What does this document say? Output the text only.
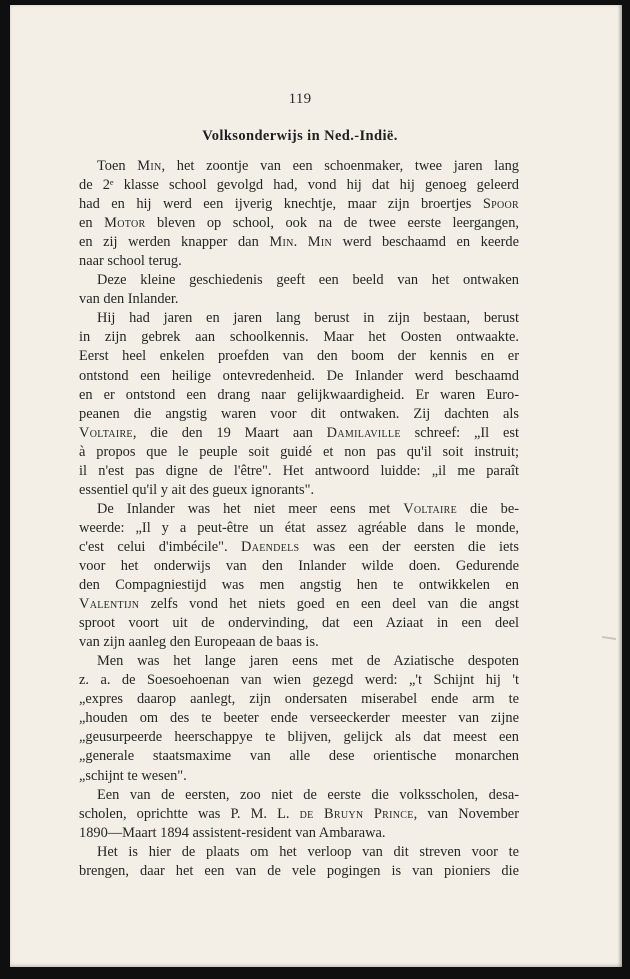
119
Volksonderwijs in Ned.-Indië.
Toen Min, het zoontje van een schoenmaker, twee jaren lang
de 2ᵉ klasse school gevolgd had, vond hij dat hij genoeg geleerd
had en hij werd een ijverig knechtje, maar zijn broertjes Spoor
en Motor bleven op school, ook na de twee eerste leergangen,
en zij werden knapper dan Min. Min werd beschaamd en keerde
naar school terug.
Deze kleine geschiedenis geeft een beeld van het ontwaken
van den Inlander.
Hij had jaren en jaren lang berust in zijn bestaan, berust
in zijn gebrek aan schoolkennis. Maar het Oosten ontwaakte.
Eerst heel enkelen proefden van den boom der kennis en er
ontstond een heilige ontevredenheid. De Inlander werd beschaamd
en er ontstond een drang naar gelijkwaardigheid. Er waren Euro-
peanen die angstig waren voor dit ontwaken. Zij dachten als
Voltaire, die den 19 Maart aan Damilaville schreef: „Il est
à propos que le peuple soit guidé et non pas qu'il soit instruit;
il n'est pas digne de l'être". Het antwoord luidde: „il me paraît
essentiel qu'il y ait des gueux ignorants".
De Inlander was het niet meer eens met Voltaire die be-
weerde: „Il y a peut-être un état assez agréable dans le monde,
c'est celui d'imbécile". Daendels was een der eersten die iets
voor het onderwijs van den Inlander wilde doen. Gedurende
den Compagniestijd was men angstig hen te ontwikkelen en
Valentijn zelfs vond het niets goed en een deel van die angst
sproot voort uit de ondervinding, dat een Aziaat in een deel
van zijn aanleg den Europeaan de baas is.
Men was het lange jaren eens met de Aziatische despoten
z. a. de Soesoehoenan van wien gezegd werd: „'t Schijnt hij 't
„expres daarop aanlegt, zijn ondersaten miserabel ende arm te
„houden om des te beeter ende verseeckerder meester van zijne
„geusurpeerde heerschappye te blijven, gelijck als dat meest een
„generale staatsmaxime van alle dese orientische monarchen
„schijnt te wesen".
Een van de eersten, zoo niet de eerste die volksscholen, desa-
scholen, oprichtte was P. M. L. de Bruyn Prince, van November
1890—Maart 1894 assistent-resident van Ambarawa.
Het is hier de plaats om het verloop van dit streven voor te
brengen, daar het een van de vele pogingen is van pioniers die
